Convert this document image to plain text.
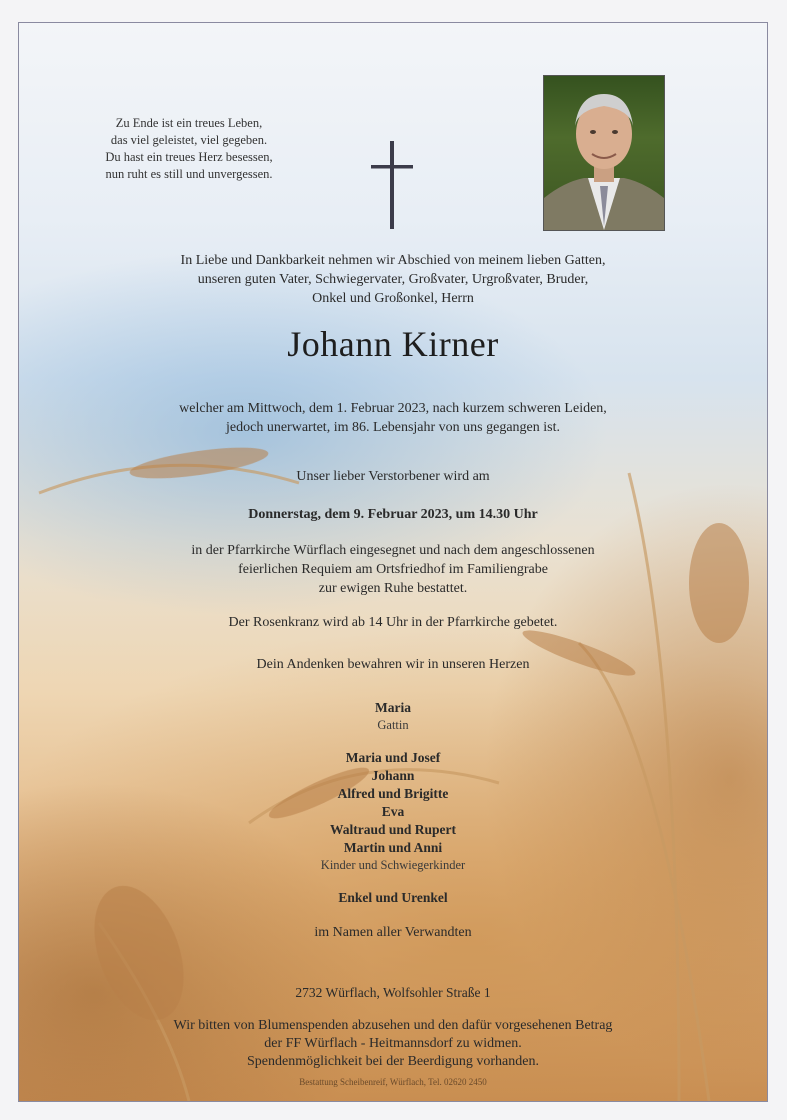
Zu Ende ist ein treues Leben,
das viel geleistet, viel gegeben.
Du hast ein treues Herz besessen,
nun ruht es still und unvergessen.
In Liebe und Dankbarkeit nehmen wir Abschied von meinem lieben Gatten,
unseren guten Vater, Schwiegervater, Großvater, Urgroßvater, Bruder,
Onkel und Großonkel, Herrn
Johann Kirner
welcher am Mittwoch, dem 1. Februar 2023, nach kurzem schweren Leiden,
jedoch unerwartet, im 86. Lebensjahr von uns gegangen ist.
Unser lieber Verstorbener wird am
Donnerstag, dem 9. Februar 2023, um 14.30 Uhr
in der Pfarrkirche Würflach eingesegnet und nach dem angeschlossenen
feierlichen Requiem am Ortsfriedhof im Familiengrabe
zur ewigen Ruhe bestattet.
Der Rosenkranz wird ab 14 Uhr in der Pfarrkirche gebetet.
Dein Andenken bewahren wir in unseren Herzen
Maria
Gattin
Maria und Josef
Johann
Alfred und Brigitte
Eva
Waltraud und Rupert
Martin und Anni
Kinder und Schwiegerkinder
Enkel und Urenkel
im Namen aller Verwandten
2732 Würflach, Wolfsohler Straße 1
Wir bitten von Blumenspenden abzusehen und den dafür vorgesehenen Betrag
der FF Würflach - Heitmannsdorf zu widmen.
Spendenmöglichkeit bei der Beerdigung vorhanden.
Bestattung Scheibenreif, Würflach, Tel. 02620 2450
